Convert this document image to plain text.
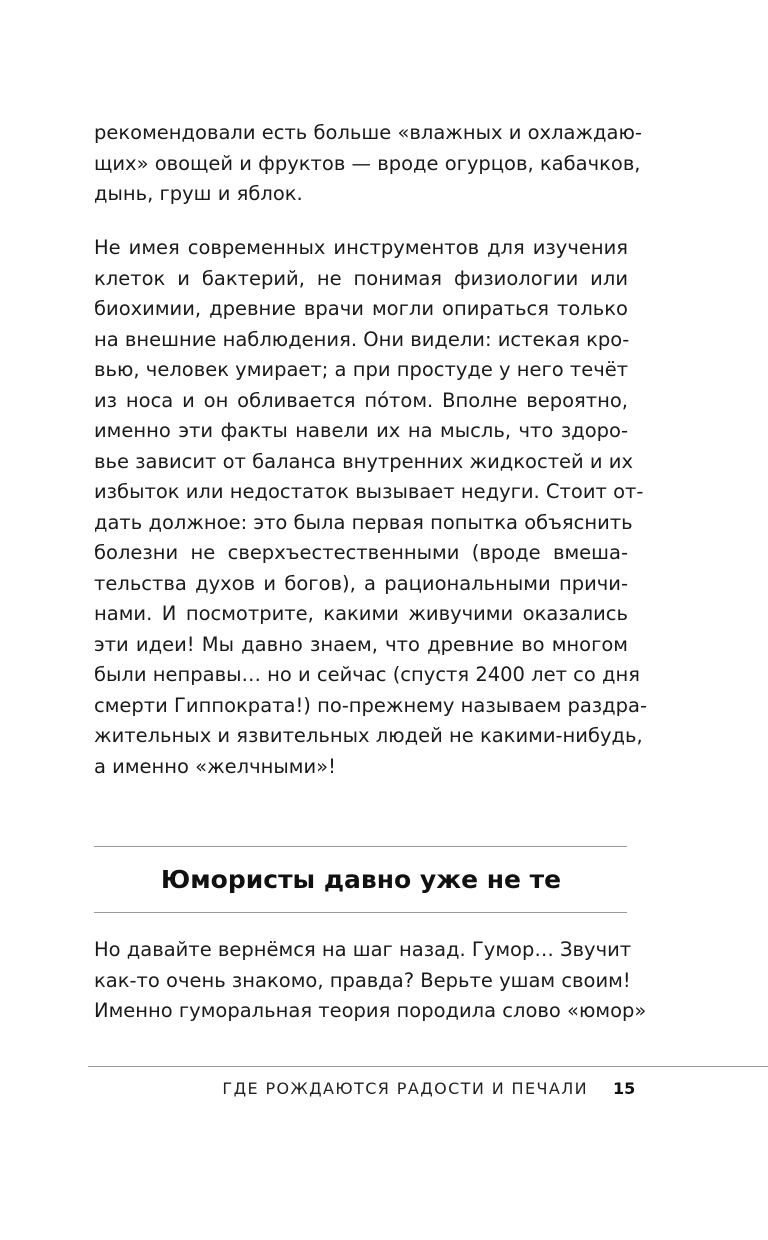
рекомендовали есть больше «влажных и охлаждаю-
щих» овощей и фруктов — вроде огурцов, кабачков,
дынь, груш и яблок.
Не имея современных инструментов для изучения
клеток и бактерий, не понимая физиологии или
биохимии, древние врачи могли опираться только
на внешние наблюдения. Они видели: истекая кро-
вью, человек умирает; а при простуде у него течёт
из носа и он обливается пóтом. Вполне вероятно,
именно эти факты навели их на мысль, что здоро-
вье зависит от баланса внутренних жидкостей и их
избыток или недостаток вызывает недуги. Стоит от-
дать должное: это была первая попытка объяснить
болезни не сверхъестественными (вроде вмеша-
тельства духов и богов), а рациональными причи-
нами. И посмотрите, какими живучими оказались
эти идеи! Мы давно знаем, что древние во многом
были неправы… но и сейчас (спустя 2400 лет со дня
смерти Гиппократа!) по-прежнему называем раздра-
жительных и язвительных людей не какими-нибудь,
а именно «желчными»!
Юмористы давно уже не те
Но давайте вернёмся на шаг назад. Гумор… Звучит
как-то очень знакомо, правда? Верьте ушам своим!
Именно гуморальная теория породила слово «юмор»
ГДЕ РОЖДАЮТСЯ РАДОСТИ И ПЕЧАЛИ 15
